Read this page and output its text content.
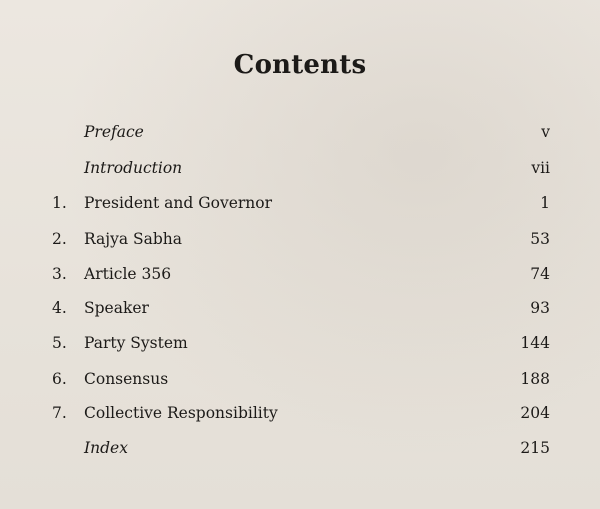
Contents
Preface	v
Introduction	vii
1.	President and Governor	1
2.	Rajya Sabha	53
3.	Article 356	74
4.	Speaker	93
5.	Party System	144
6.	Consensus	188
7.	Collective Responsibility	204
Index	215
